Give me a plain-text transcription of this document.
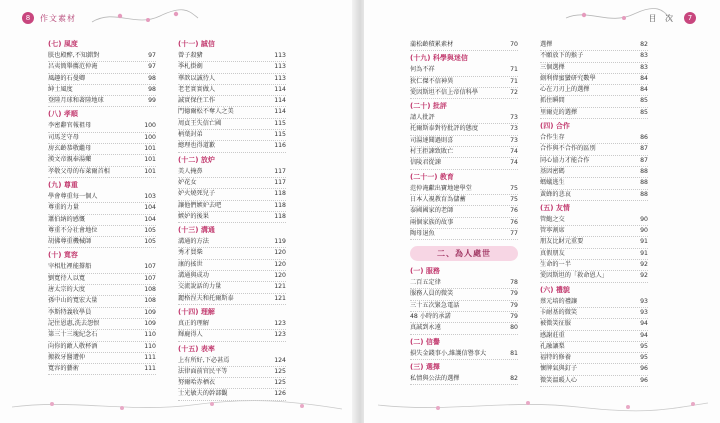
8	作文素材
(七) 風度
朕也殿醉,不知錯對	97
呂夷簡舉薦范仲淹	97
風趣的石曼卿	98
紳士風度	98
登陸月球和著陸地球	99
(八) 孝順
李密辭官報祖母	100
司馬芝守母	100
房玄齡恭敬繼母	101
漢文帝親奉湯藥	101
孝敬父母的布萊爾首相	101
(九) 尊重
學會尊重每一個人	103
尊重的力量	104
蕭伯納的感慨	104
尊重不分社會地位	105
胡佛尊重機械師	105
(十) 寬容
宰相肚裡能撐船	107
劉寬待人以寬	107
唐太宗的大度	108
孫中山的寬宏大量	108
李斯特義收學員	109
記住恩惠,洗去怨恨	109
第三十三塊紀念石	110
向你的敵人敬杯酒	110
搬救牙醫遭仲	111
寬容的藝術	111
(十一) 誠信
曾子殺豬	113
季札掛劍	113
華歆以誠待人	113
老老實實做人	114
誠實保住工作	114
門德爾松不奪人之美	114
周貞王失信亡國	115
柄葉封弟	115
總理也得道歉	116
(十二) 放炉
美人掩鼻	117
妒花女	117
妒火燒死兒子	118
讓他們嫉妒去吧	118
嫉妒的後果	118
(十三) 溝通
溝通的方法	119
秀才買柴	120
康的搖世	120
溝通與成功	120
交流說話的力量	121
麗格涅夫和托爾斯泰	121
(十四) 理解
真正的理解	123
輝鹿得人	123
(十五) 表率
上有所好,下必甚焉	124
法律面前官民平等	125
努爾哈赤栖衣	125
士光敏夫的幹部觀	126
目 次	7
蒲松齡積累素材	70
(十九) 科學與迷信
何為不祥	71
狄仁傑不信神異	71
愛因斯坦不信上帝信科學	72
(二十) 批評
請人批評	73
托爾斯泰對待批評的態度	73
司湯達聞過則喜	73
村王拒諫致敗亡	74
信陵君從諫	74
(二十一) 教育
范仲淹獻出寶地建學堂	75
日本人視教育為儲蓄	75
泰國國家的老師	76
兩個家族的故事	76
陶母退魚	77
二、為人處世
(一) 服務
二百五定律	78
服務人員的微笑	79
三十五次緊急電話	79
48 小時的承諾	79
真誠到永遠	80
(二) 信譽
損失金錢事小,維護信譽事大	81
(三) 選擇
私情與公法的選擇	82
選擇	82
不願放下的猴子	83
三個選擇	83
劍利偉蜜蠻研究數學	84
心在刀刃上的選擇	84
抓住瞬間	85
里爾克的選擇	85
(四) 合作
合作生存	86
合作與不合作的區別	87
同心協力才能合作	87
基因密碼	88
螞蟻逃生	88
黃蜂的悲哀	88
(五) 友情
管鮑之交	90
管寧割席	90
朋友比財元重要	91
真假朋友	91
生命的一半	92
愛因斯坦的「救命恩人」	92
(六) 禮貌
蔡元培的禮讓	93
卡耐基的微笑	93
被微笑征服	94
感謝莊重	94
孔融讓梨	95
福特的修養	95
懷牌氣與釘子	96
微笑溫暖人心	96
